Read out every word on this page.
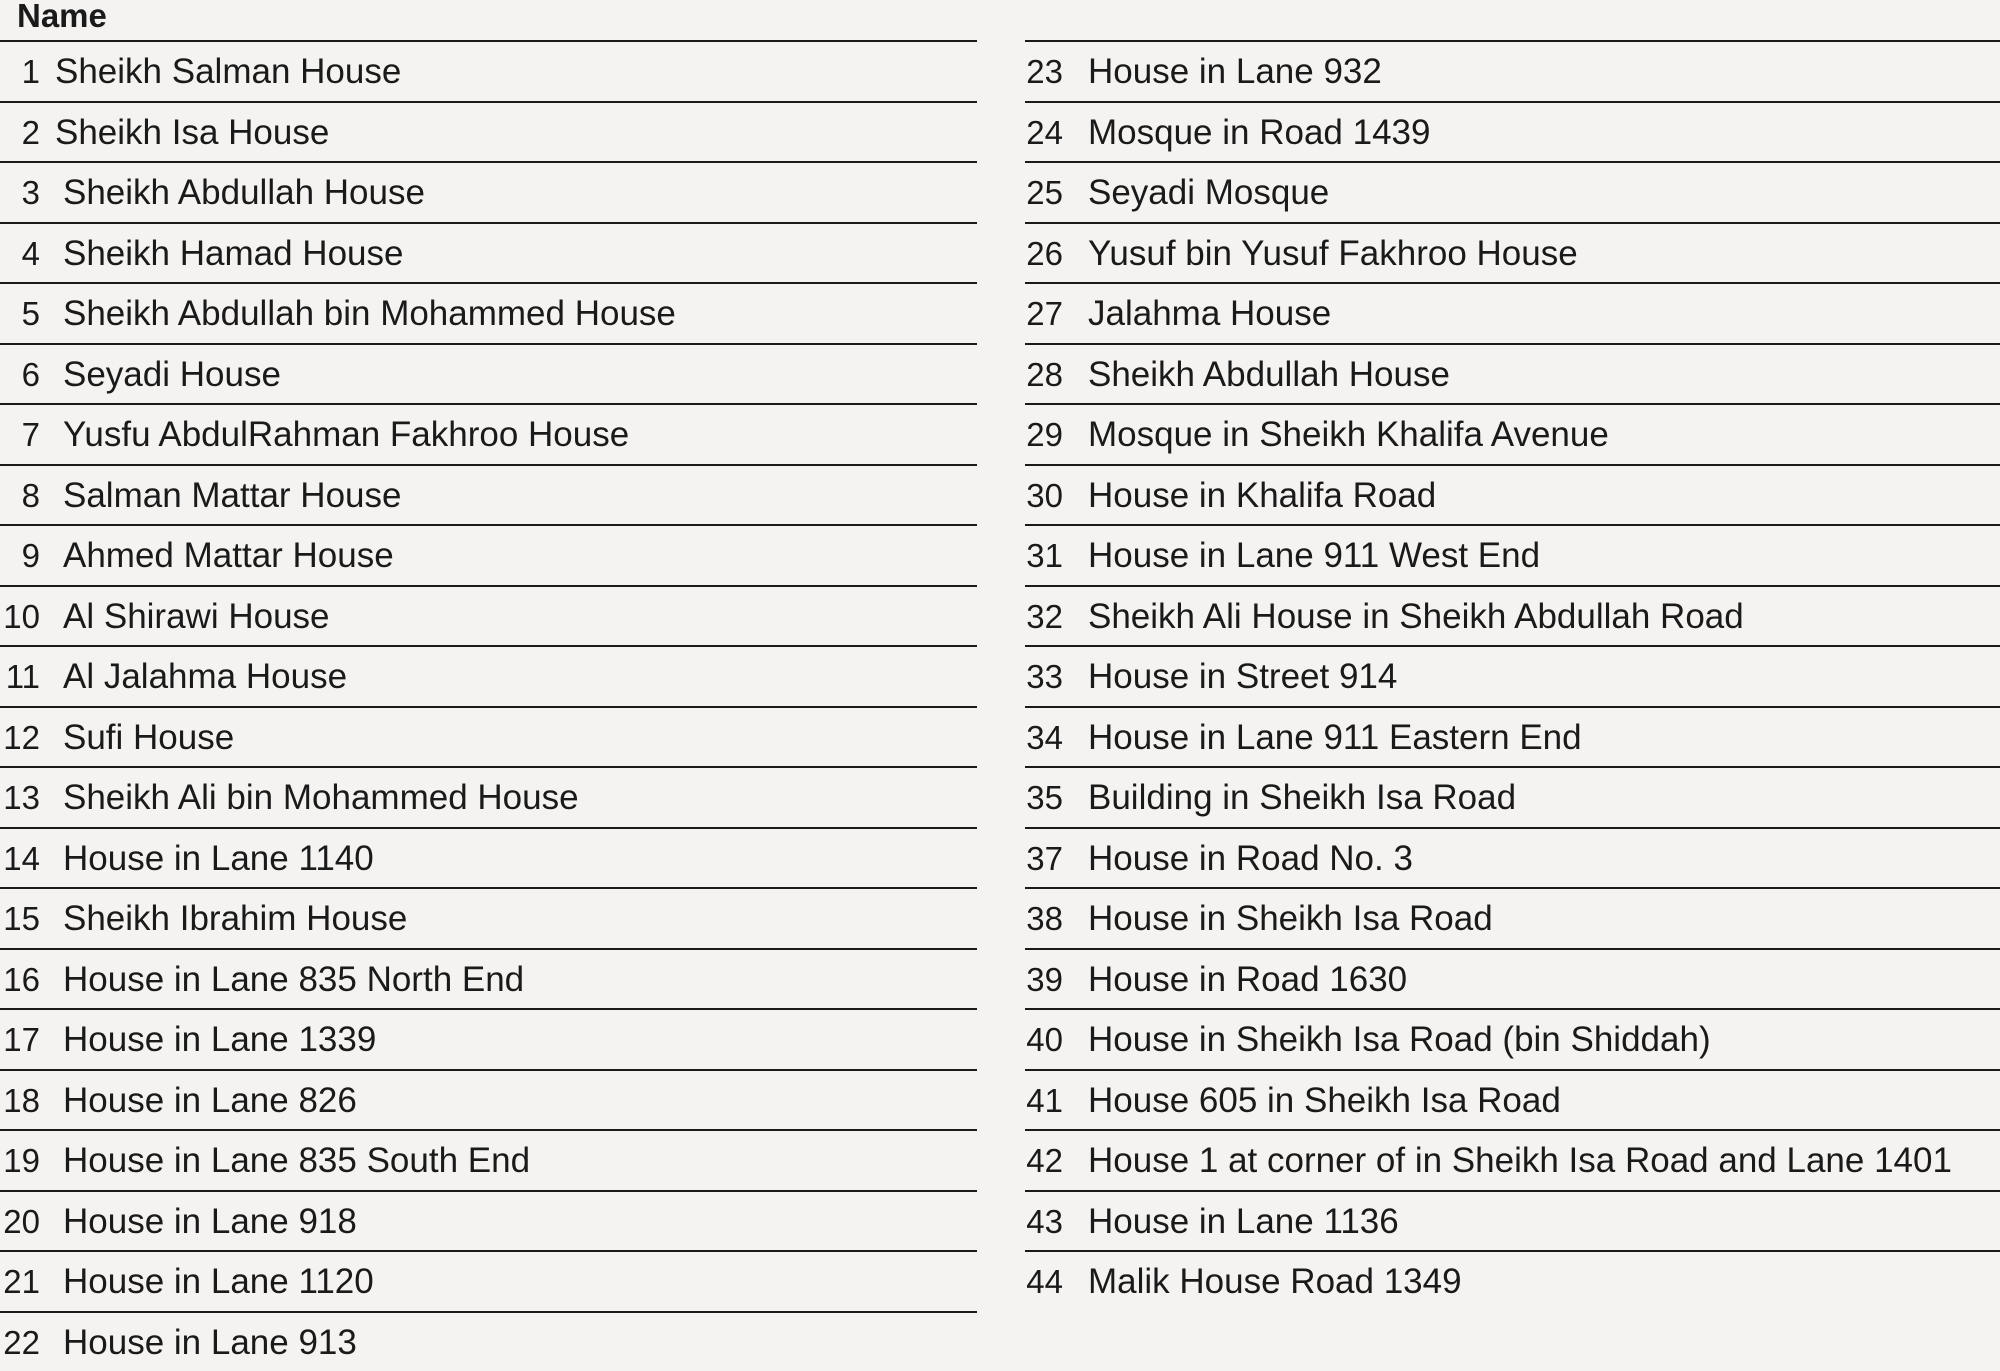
Name
1 Sheikh Salman House
2 Sheikh Isa House
3 Sheikh Abdullah House
4 Sheikh Hamad House
5 Sheikh Abdullah bin Mohammed House
6 Seyadi House
7 Yusfu AbdulRahman Fakhroo House
8 Salman Mattar House
9 Ahmed Mattar House
10 Al Shirawi House
11 Al Jalahma House
12 Sufi House
13 Sheikh Ali bin Mohammed House
14 House in Lane 1140
15 Sheikh Ibrahim House
16 House in Lane 835 North End
17 House in Lane 1339
18 House in Lane 826
19 House in Lane 835 South End
20 House in Lane 918
21 House in Lane 1120
22 House in Lane 913
23 House in Lane 932
24 Mosque in Road 1439
25 Seyadi Mosque
26 Yusuf bin Yusuf Fakhroo House
27 Jalahma House
28 Sheikh Abdullah House
29 Mosque in Sheikh Khalifa Avenue
30 House in Khalifa Road
31 House in Lane 911 West End
32 Sheikh Ali House in Sheikh Abdullah Road
33 House in Street 914
34 House in Lane 911 Eastern End
35 Building in Sheikh Isa Road
37 House in Road No. 3
38 House in Sheikh Isa Road
39 House in Road 1630
40 House in Sheikh Isa Road (bin Shiddah)
41 House 605 in Sheikh Isa Road
42 House 1 at corner of in Sheikh Isa Road and Lane 1401
43 House in Lane 1136
44 Malik House Road 1349
